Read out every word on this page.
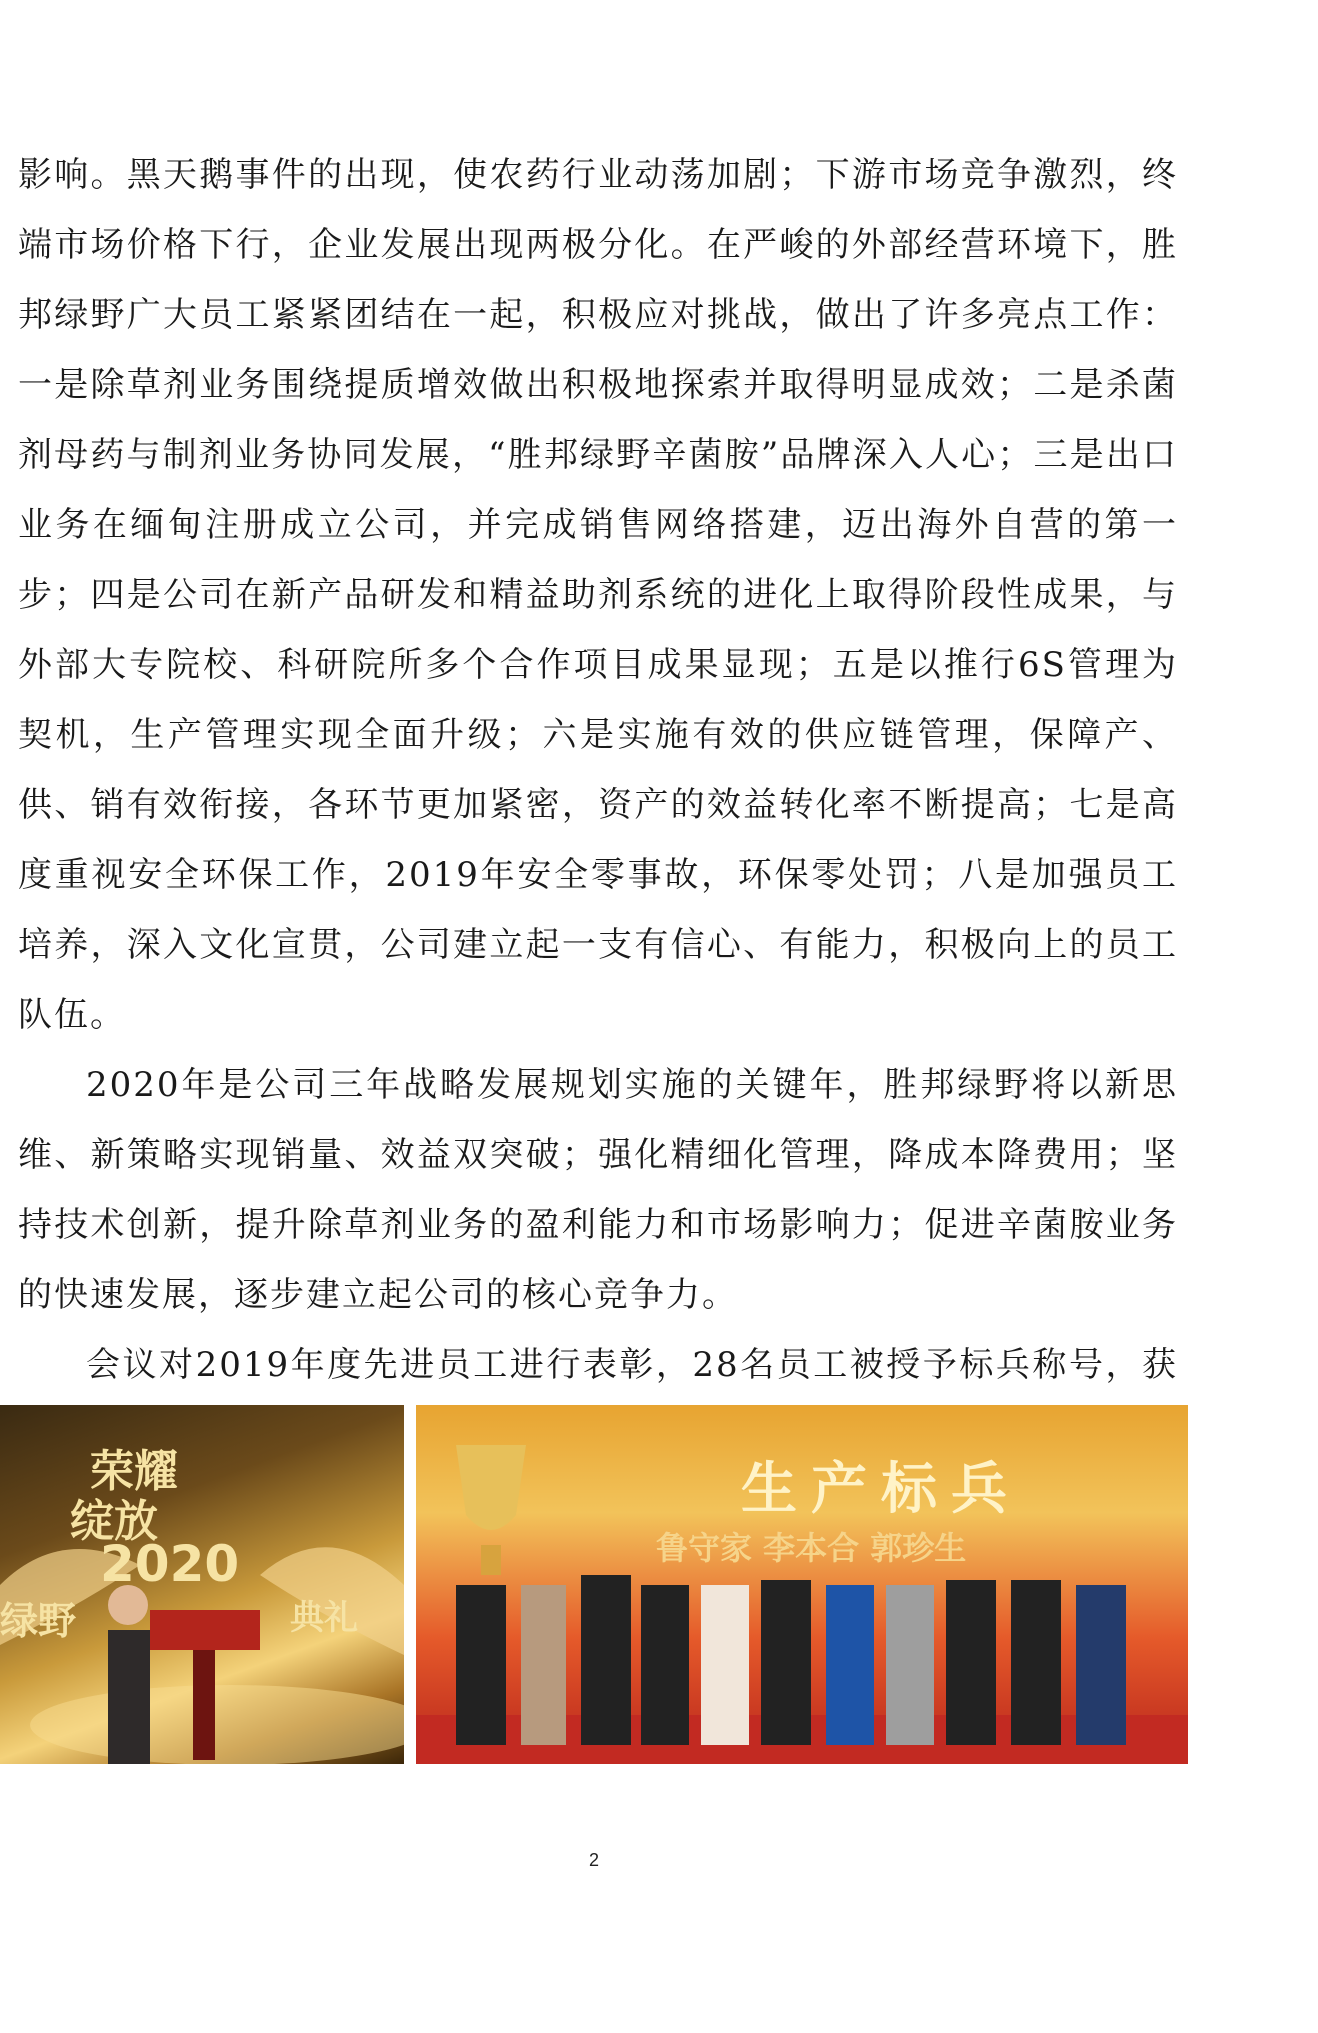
影响。黑天鹅事件的出现，使农药行业动荡加剧；下游市场竞争激烈，终端市场价格下行，企业发展出现两极分化。在严峻的外部经营环境下，胜邦绿野广大员工紧紧团结在一起，积极应对挑战，做出了许多亮点工作：一是除草剂业务围绕提质增效做出积极地探索并取得明显成效；二是杀菌剂母药与制剂业务协同发展，“胜邦绿野辛菌胺”品牌深入人心；三是出口业务在缅甸注册成立公司，并完成销售网络搭建，迈出海外自营的第一步；四是公司在新产品研发和精益助剂系统的进化上取得阶段性成果，与外部大专院校、科研院所多个合作项目成果显现；五是以推行6S管理为契机，生产管理实现全面升级；六是实施有效的供应链管理，保障产、供、销有效衔接，各环节更加紧密，资产的效益转化率不断提高；七是高度重视安全环保工作，2019年安全零事故，环保零处罚；八是加强员工培养，深入文化宣贯，公司建立起一支有信心、有能力，积极向上的员工队伍。

2020年是公司三年战略发展规划实施的关键年，胜邦绿野将以新思维、新策略实现销量、效益双突破；强化精细化管理，降成本降费用；坚持技术创新，提升除草剂业务的盈利能力和市场影响力；促进辛菌胺业务的快速发展，逐步建立起公司的核心竞争力。

会议对2019年度先进员工进行表彰，28名员工被授予标兵称号，获

荣耀
绽放
2020
绿野	典礼
生产标兵
鲁守家 李本合 郭珍生
2
